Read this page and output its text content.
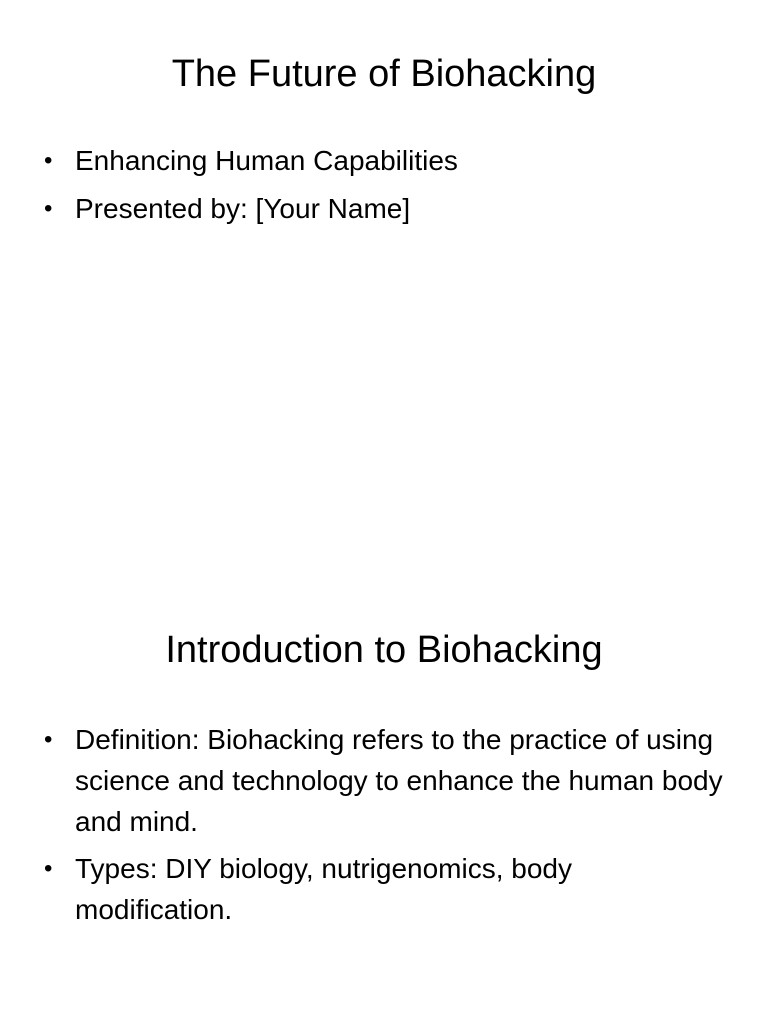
The Future of Biohacking
• Enhancing Human Capabilities
• Presented by: [Your Name]
Introduction to Biohacking
• Definition: Biohacking refers to the practice of using science and technology to enhance the human body and mind.
• Types: DIY biology, nutrigenomics, body modification.
